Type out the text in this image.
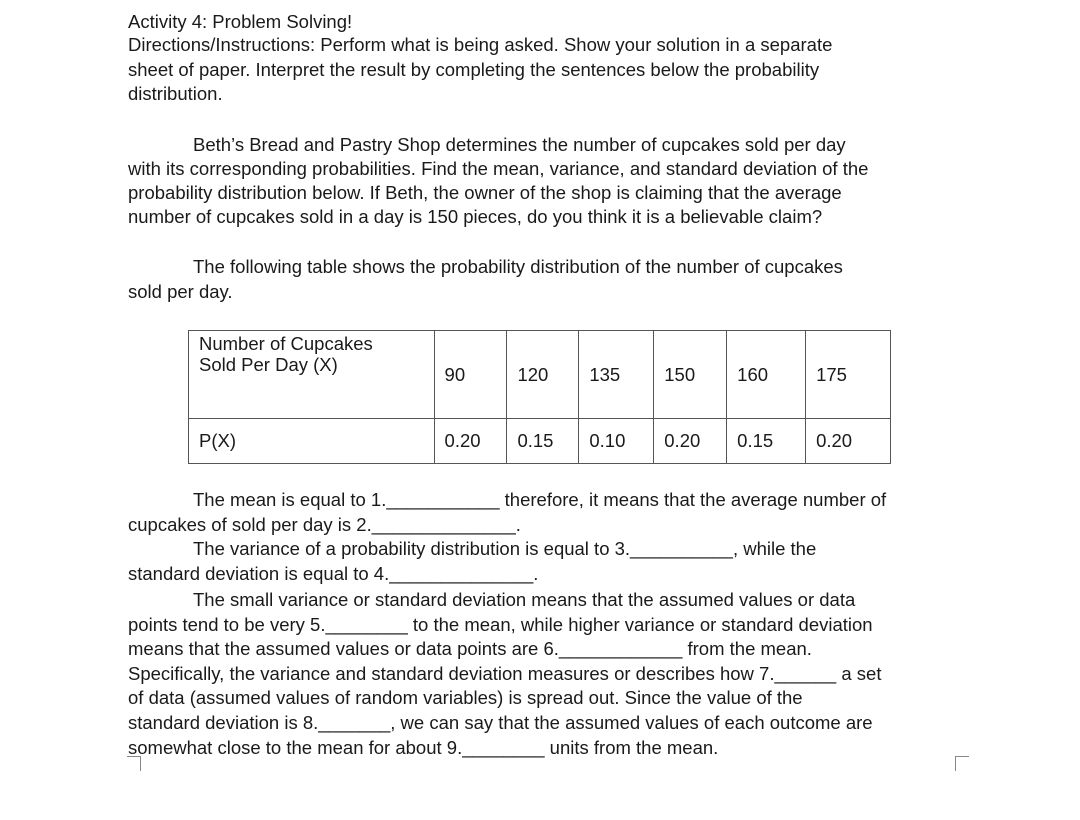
Activity 4: Problem Solving!
Directions/Instructions: Perform what is being asked. Show your solution in a separate
sheet of paper. Interpret the result by completing the sentences below the probability
distribution.
Beth’s Bread and Pastry Shop determines the number of cupcakes sold per day
with its corresponding probabilities. Find the mean, variance, and standard deviation of the
probability distribution below. If Beth, the owner of the shop is claiming that the average
number of cupcakes sold in a day is 150 pieces, do you think it is a believable claim?
The following table shows the probability distribution of the number of cupcakes
sold per day.
Number of Cupcakes
Sold Per Day (X)	90	120	135	150	160	175
P(X)	0.20	0.15	0.10	0.20	0.15	0.20
The mean is equal to 1.___________ therefore, it means that the average number of
cupcakes of sold per day is 2.______________.
The variance of a probability distribution is equal to 3.__________, while the
standard deviation is equal to 4.______________.
The small variance or standard deviation means that the assumed values or data
points tend to be very 5.________ to the mean, while higher variance or standard deviation
means that the assumed values or data points are 6.____________ from the mean.
Specifically, the variance and standard deviation measures or describes how 7.______ a set
of data (assumed values of random variables) is spread out. Since the value of the
standard deviation is 8._______, we can say that the assumed values of each outcome are
somewhat close to the mean for about 9.________ units from the mean.
